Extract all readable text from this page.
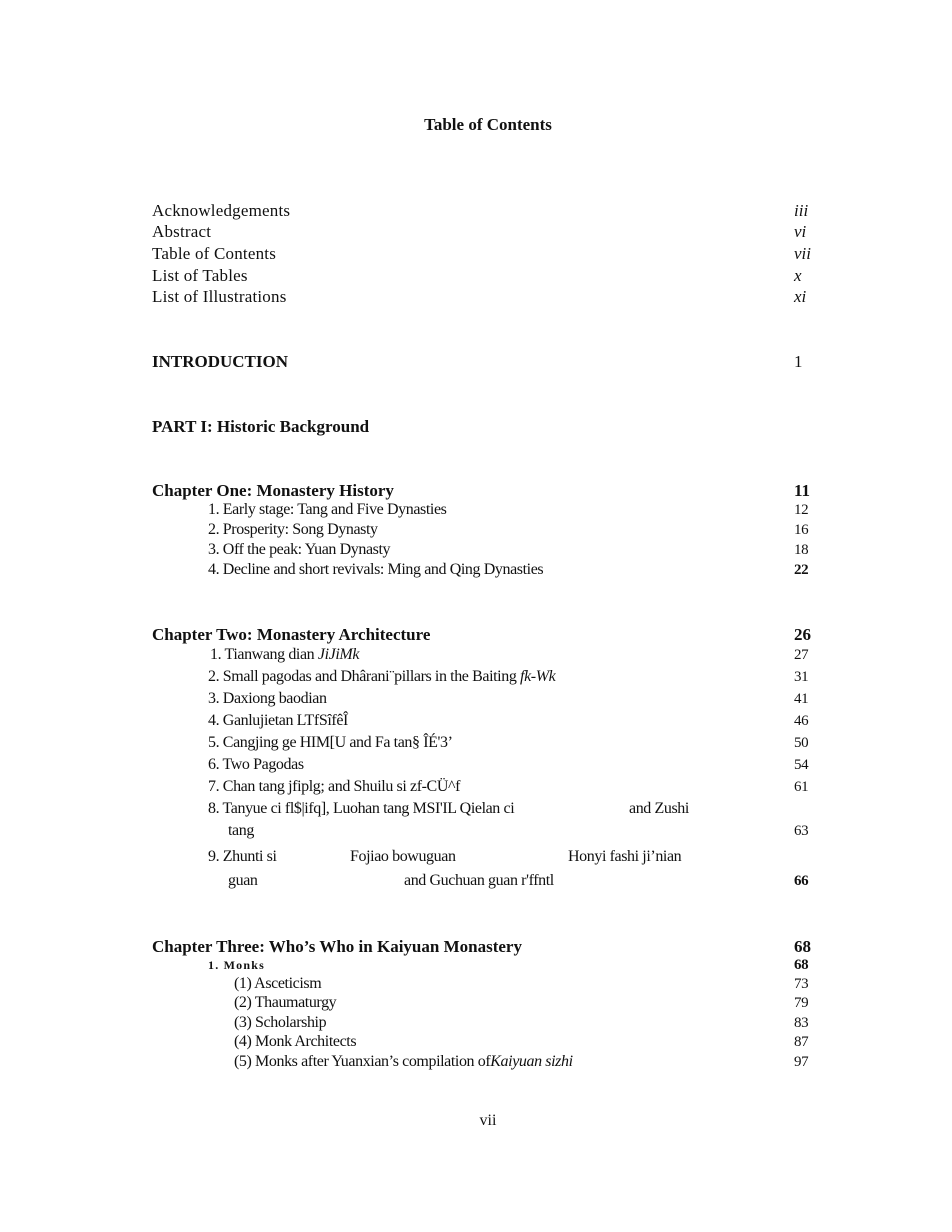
Table of Contents
Acknowledgements	iii
Abstract	vi
Table of Contents	vii
List of Tables	x
List of Illustrations	xi
INTRODUCTION	1
PART I: Historic Background
Chapter One: Monastery History	11
1. Early stage: Tang and Five Dynasties	12
2. Prosperity: Song Dynasty	16
3. Off the peak: Yuan Dynasty	18
4. Decline and short revivals: Ming and Qing Dynasties	22
Chapter Two: Monastery Architecture	26
1. Tianwang dian JiJiMk	27
2. Small pagodas and Dhârani¨pillars in the Baiting fk-Wk	31
3. Daxiong baodian	41
4. Ganlujietan LTfSîfêÎ	46
5. Cangjing ge HIM[U and Fa tan§ ÎÉ'3’	50
6. Two Pagodas	54
7. Chan tang jfiplg; and Shuilu si zf-CÜ^f	61
8. Tanyue ci fl$|ifq], Luohan tang MSI'IL Qielan ci	and Zushi
tang	63
9. Zhunti si	Fojiao bowuguan	Honyi fashi ji’nian
guan	and Guchuan guan r'ffntl	66
Chapter Three: Who’s Who in Kaiyuan Monastery	68
1. Monks	68
(1) Asceticism	73
(2) Thaumaturgy	79
(3) Scholarship	83
(4) Monk Architects	87
(5) Monks after Yuanxian’s compilation ofKaiyuan sizhi	97
vii
